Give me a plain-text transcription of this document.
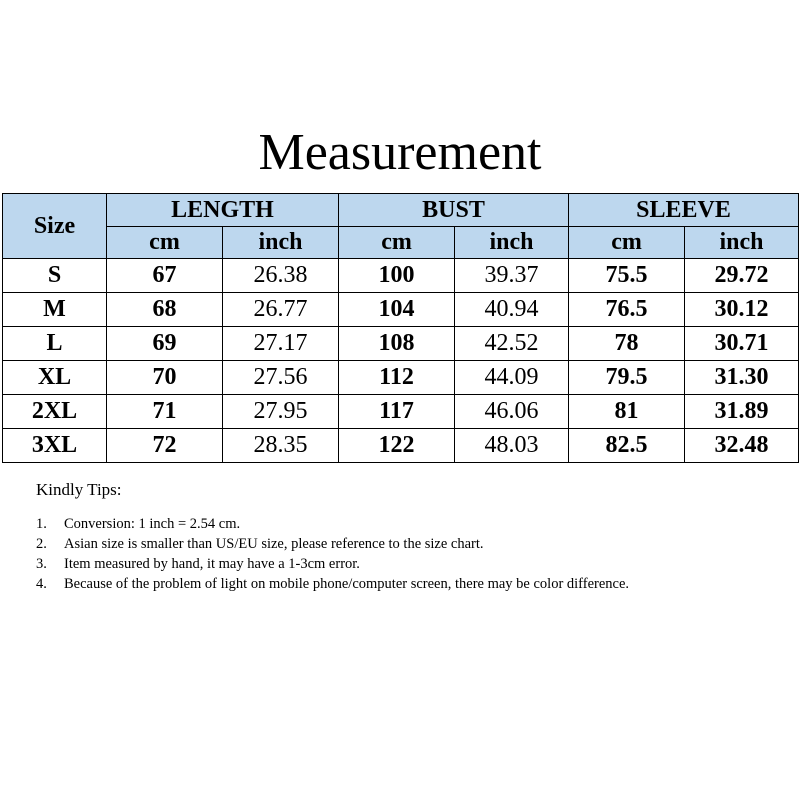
Measurement
Size	LENGTH		BUST		SLEEVE	
	cm	inch	cm	inch	cm	inch
S	67	26.38	100	39.37	75.5	29.72
M	68	26.77	104	40.94	76.5	30.12
L	69	27.17	108	42.52	78	30.71
XL	70	27.56	112	44.09	79.5	31.30
2XL	71	27.95	117	46.06	81	31.89
3XL	72	28.35	122	48.03	82.5	32.48
Kindly Tips:
1.	Conversion: 1 inch = 2.54 cm.
2.	Asian size is smaller than US/EU size, please reference to the size chart.
3.	Item measured by hand, it may have a 1-3cm error.
4.	Because of the problem of light on mobile phone/computer screen, there may be color difference.
